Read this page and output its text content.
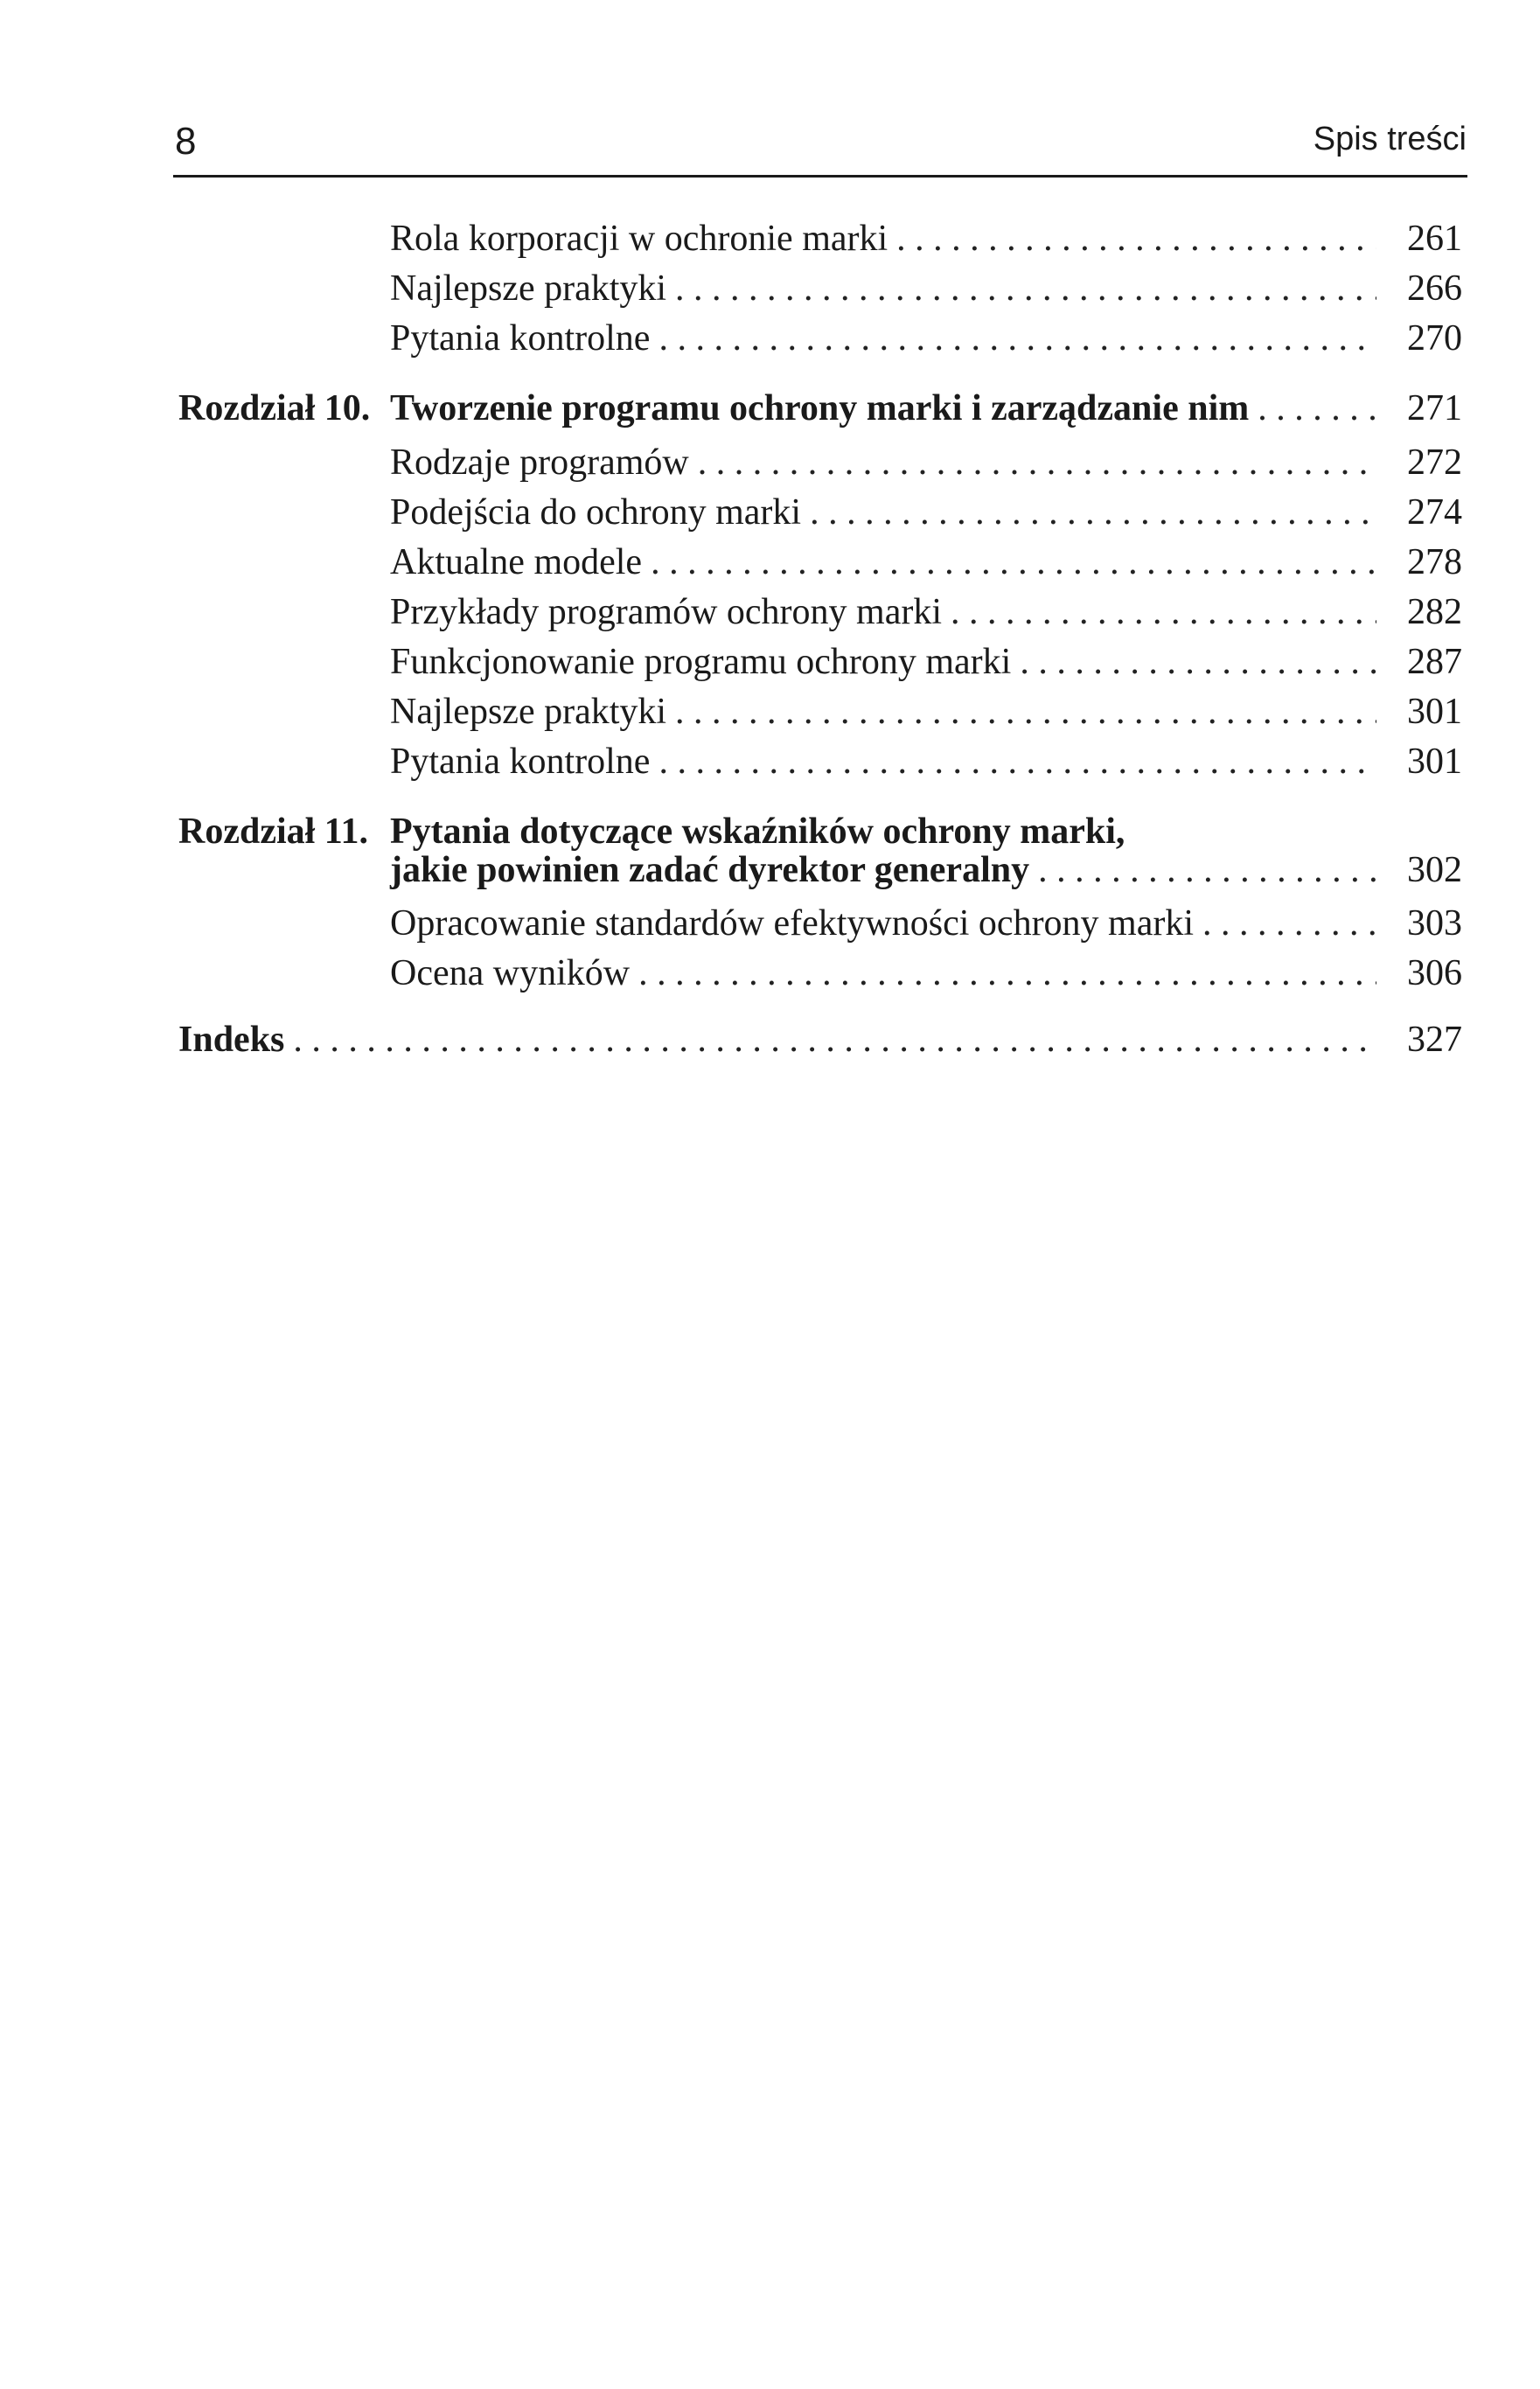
8	Spis treści
Rola korporacji w ochronie marki . . .	261
Najlepsze praktyki . . .	266
Pytania kontrolne . . .	270
Rozdział 10. Tworzenie programu ochrony marki i zarządzanie nim . . .	271
Rodzaje programów . . .	272
Podejścia do ochrony marki . . .	274
Aktualne modele . . .	278
Przykłady programów ochrony marki . . .	282
Funkcjonowanie programu ochrony marki . . .	287
Najlepsze praktyki . . .	301
Pytania kontrolne . . .	301
Rozdział 11. Pytania dotyczące wskaźników ochrony marki,
jakie powinien zadać dyrektor generalny . . .	302
Opracowanie standardów efektywności ochrony marki . . .	303
Ocena wyników . . .	306
Indeks . . .	327
